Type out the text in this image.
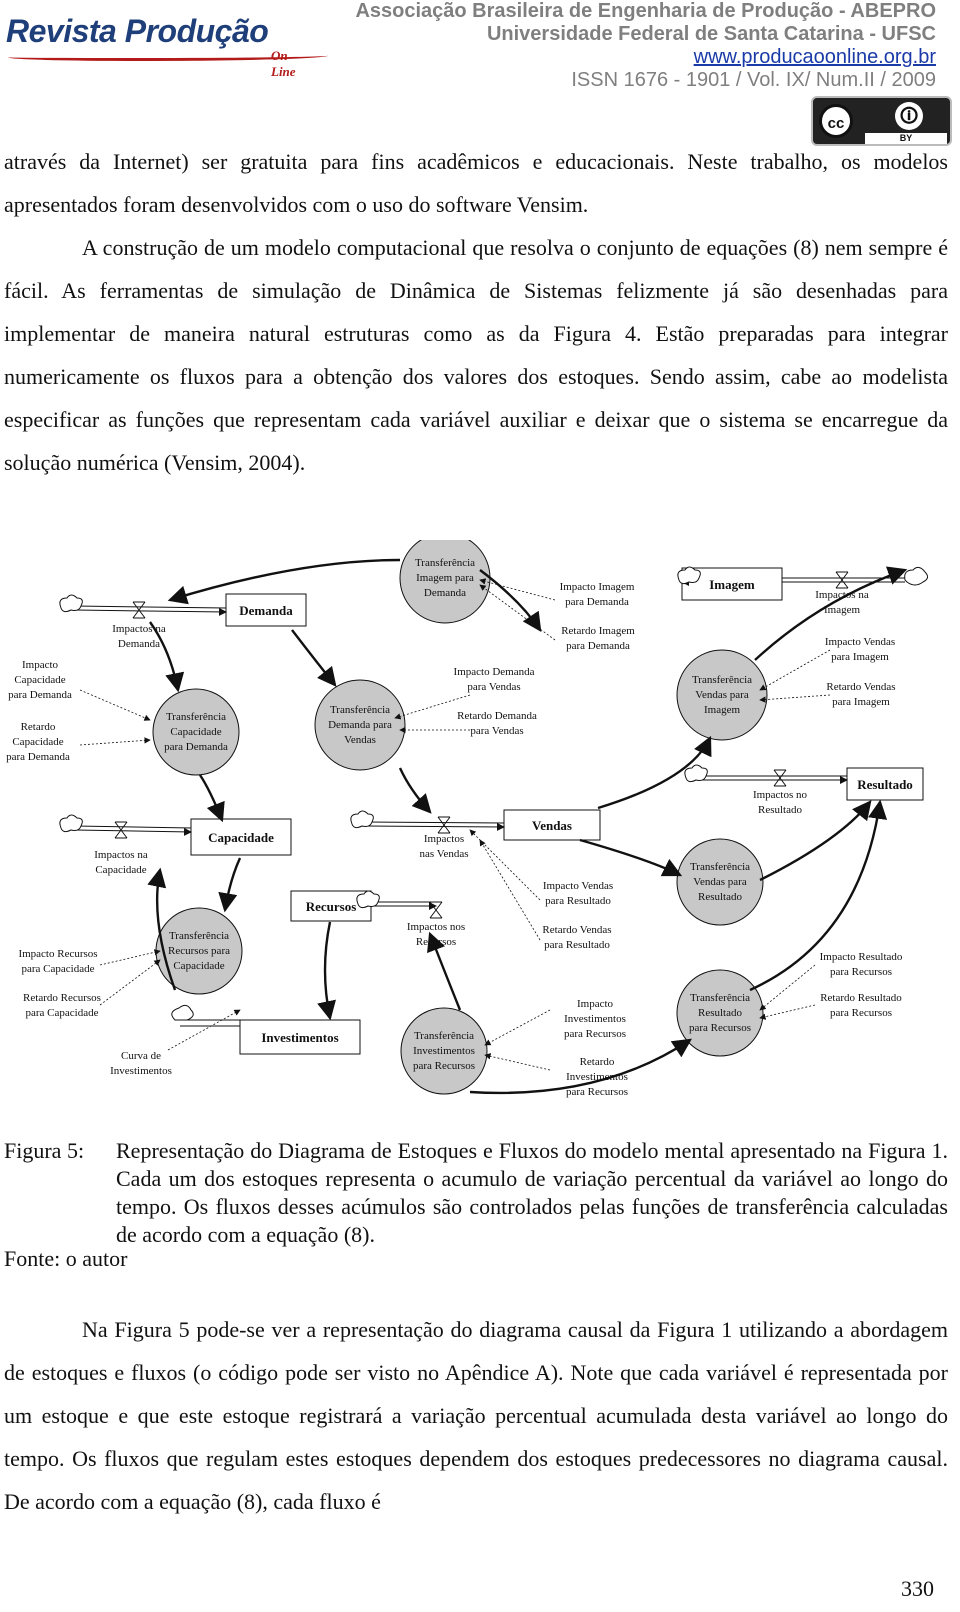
Revista Produção
On Line
Associação Brasileira de Engenharia de Produção - ABEPRO
Universidade Federal de Santa Catarina - UFSC
www.producaoonline.org.br
ISSN 1676 - 1901 / Vol. IX/ Num.II / 2009
cc	🛈
BY

através da Internet) ser gratuita para fins acadêmicos e educacionais. Neste trabalho, os modelos apresentados foram desenvolvidos com o uso do software Vensim.

A construção de um modelo computacional que resolva o conjunto de equações (8) nem sempre é fácil. As ferramentas de simulação de Dinâmica de Sistemas felizmente já são desenhadas para implementar de maneira natural estruturas como as da Figura 4. Estão preparadas para integrar numericamente os fluxos para a obtenção dos valores dos estoques. Sendo assim, cabe ao modelista especificar as funções que representam cada variável auxiliar e deixar que o sistema se encarregue da solução numérica (Vensim, 2004).

Demanda
Imagem
Resultado
Capacidade
Vendas
Recursos
Investimentos
Impactos na Demanda
Impactos na Imagem
Impactos no Resultado
Impactos na Capacidade
Impactos nas Vendas
Impactos nos Recursos
Transferência Capacidade para Demanda
Transferência Demanda para Vendas
Transferência Imagem para Demanda
Transferência Vendas para Imagem
Transferência Vendas para Resultado
Transferência Recursos para Capacidade
Transferência Investimentos para Recursos
Transferência Resultado para Recursos
Impacto Capacidade para Demanda
Retardo Capacidade para Demanda
Impacto Imagem para Demanda
Retardo Imagem para Demanda
Impacto Demanda para Vendas
Retardo Demanda para Vendas
Impacto Vendas para Imagem
Retardo Vendas para Imagem
Impacto Recursos para Capacidade
Retardo Recursos para Capacidade
Curva de Investimentos
Impacto Vendas para Resultado
Retardo Vendas para Resultado
Impacto Investimentos para Recursos
Retardo Investimentos para Recursos
Impacto Resultado para Recursos
Retardo Resultado para Recursos
Figura 5: Representação do Diagrama de Estoques e Fluxos do modelo mental apresentado na Figura 1. Cada um dos estoques representa o acumulo de variação percentual da variável ao longo do tempo. Os fluxos desses acúmulos são controlados pelas funções de transferência calculadas de acordo com a equação (8).
Fonte: o autor

Na Figura 5 pode-se ver a representação do diagrama causal da Figura 1 utilizando a abordagem de estoques e fluxos (o código pode ser visto no Apêndice A). Note que cada variável é representada por um estoque e que este estoque registrará a variação percentual acumulada desta variável ao longo do tempo. Os fluxos que regulam estes estoques dependem dos estoques predecessores no diagrama causal. De acordo com a equação (8), cada fluxo é

330
